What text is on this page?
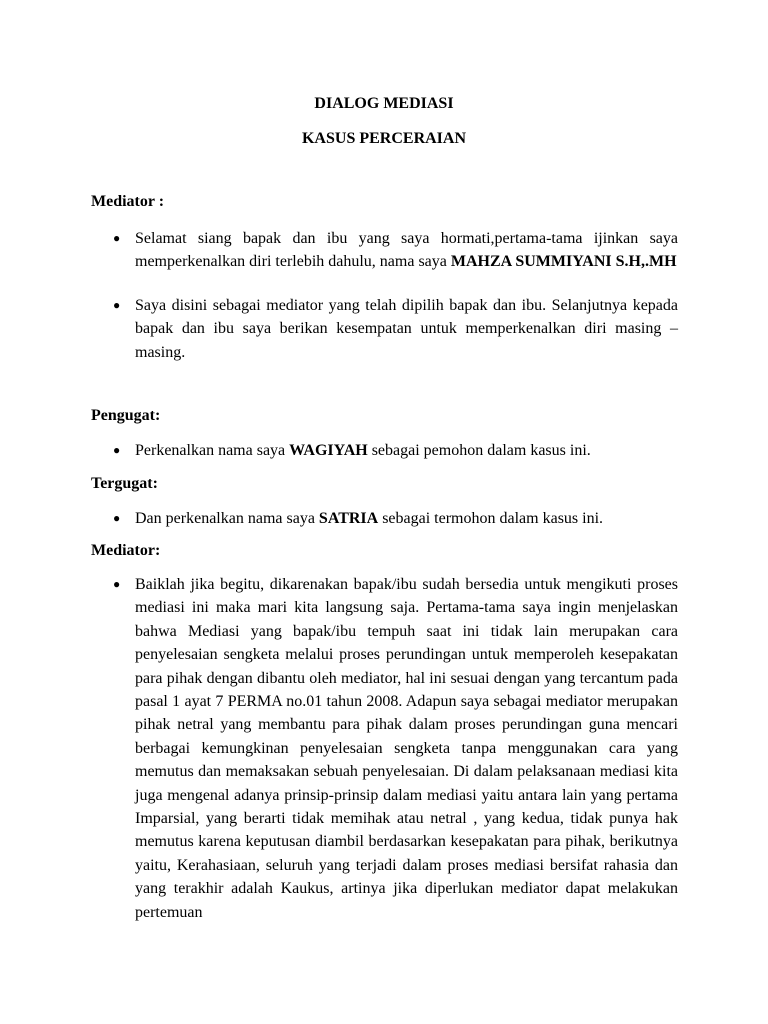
DIALOG MEDIASI

KASUS PERCERAIAN

Mediator :

● Selamat siang bapak dan ibu yang saya hormati,pertama-tama ijinkan saya memperkenalkan diri terlebih dahulu, nama saya MAHZA SUMMIYANI S.H,.MH
● Saya disini sebagai mediator yang telah dipilih bapak dan ibu. Selanjutnya kepada bapak dan ibu saya berikan kesempatan untuk memperkenalkan diri masing – masing.

Pengugat:

● Perkenalkan nama saya WAGIYAH sebagai pemohon dalam kasus ini.

Tergugat:

● Dan perkenalkan nama saya SATRIA sebagai termohon dalam kasus ini.

Mediator:

● Baiklah jika begitu, dikarenakan bapak/ibu sudah bersedia untuk mengikuti proses mediasi ini maka mari kita langsung saja. Pertama-tama saya ingin menjelaskan bahwa Mediasi yang bapak/ibu tempuh saat ini tidak lain merupakan cara penyelesaian sengketa melalui proses perundingan untuk memperoleh kesepakatan para pihak dengan dibantu oleh mediator, hal ini sesuai dengan yang tercantum pada pasal 1 ayat 7 PERMA no.01 tahun 2008. Adapun saya sebagai mediator merupakan pihak netral yang membantu para pihak dalam proses perundingan guna mencari berbagai kemungkinan penyelesaian sengketa tanpa menggunakan cara yang memutus dan memaksakan sebuah penyelesaian. Di dalam pelaksanaan mediasi kita juga mengenal adanya prinsip-prinsip dalam mediasi yaitu antara lain yang pertama Imparsial, yang berarti tidak memihak atau netral , yang kedua, tidak punya hak memutus karena keputusan diambil berdasarkan kesepakatan para pihak, berikutnya yaitu, Kerahasiaan, seluruh yang terjadi dalam proses mediasi bersifat rahasia dan yang terakhir adalah Kaukus, artinya jika diperlukan mediator dapat melakukan pertemuan
